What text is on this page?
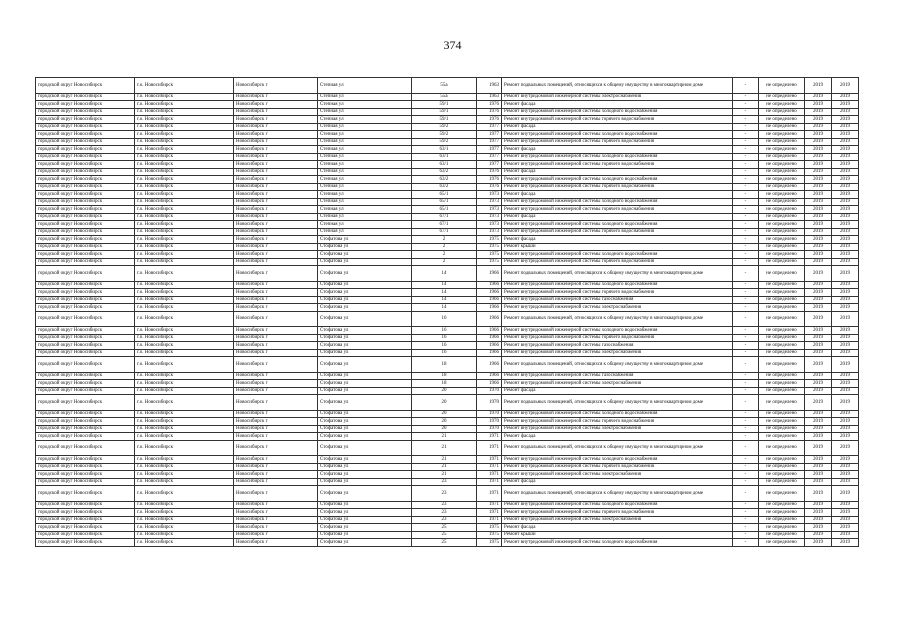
374
городской округ Новосибирск	г.о. Новосибирск	Новосибирск г	Степная ул	55а	1963	Ремонт подвальных помещений, относящихся к общему имуществу в многоквартирном доме	-	не определено	2019	2019
городской округ Новосибирск	г.о. Новосибирск	Новосибирск г	Степная ул	55а	1963	Ремонт внутридомовой инженерной системы электроснабжения	-	не определено	2019	2019
городской округ Новосибирск	г.о. Новосибирск	Новосибирск г	Степная ул	59/1	1976	Ремонт фасада	-	не определено	2019	2019
городской округ Новосибирск	г.о. Новосибирск	Новосибирск г	Степная ул	59/1	1976	Ремонт внутридомовой инженерной системы холодного водоснабжения	-	не определено	2019	2019
городской округ Новосибирск	г.о. Новосибирск	Новосибирск г	Степная ул	59/1	1976	Ремонт внутридомовой инженерной системы горячего водоснабжения	-	не определено	2019	2019
городской округ Новосибирск	г.о. Новосибирск	Новосибирск г	Степная ул	59/2	1977	Ремонт фасада	-	не определено	2019	2019
городской округ Новосибирск	г.о. Новосибирск	Новосибирск г	Степная ул	59/2	1977	Ремонт внутридомовой инженерной системы холодного водоснабжения	-	не определено	2019	2019
городской округ Новосибирск	г.о. Новосибирск	Новосибирск г	Степная ул	59/2	1977	Ремонт внутридомовой инженерной системы горячего водоснабжения	-	не определено	2019	2019
городской округ Новосибирск	г.о. Новосибирск	Новосибирск г	Степная ул	63/1	1977	Ремонт фасада	-	не определено	2019	2019
городской округ Новосибирск	г.о. Новосибирск	Новосибирск г	Степная ул	63/1	1977	Ремонт внутридомовой инженерной системы холодного водоснабжения	-	не определено	2019	2019
городской округ Новосибирск	г.о. Новосибирск	Новосибирск г	Степная ул	63/1	1977	Ремонт внутридомовой инженерной системы горячего водоснабжения	-	не определено	2019	2019
городской округ Новосибирск	г.о. Новосибирск	Новосибирск г	Степная ул	63/2	1976	Ремонт фасада	-	не определено	2019	2019
городской округ Новосибирск	г.о. Новосибирск	Новосибирск г	Степная ул	63/2	1976	Ремонт внутридомовой инженерной системы холодного водоснабжения	-	не определено	2019	2019
городской округ Новосибирск	г.о. Новосибирск	Новосибирск г	Степная ул	63/2	1976	Ремонт внутридомовой инженерной системы горячего водоснабжения	-	не определено	2019	2019
городской округ Новосибирск	г.о. Новосибирск	Новосибирск г	Степная ул	65/1	1973	Ремонт фасада	-	не определено	2019	2019
городской округ Новосибирск	г.о. Новосибирск	Новосибирск г	Степная ул	65/1	1973	Ремонт внутридомовой инженерной системы холодного водоснабжения	-	не определено	2019	2019
городской округ Новосибирск	г.о. Новосибирск	Новосибирск г	Степная ул	65/1	1973	Ремонт внутридомовой инженерной системы горячего водоснабжения	-	не определено	2019	2019
городской округ Новосибирск	г.о. Новосибирск	Новосибирск г	Степная ул	67/1	1973	Ремонт фасада	-	не определено	2019	2019
городской округ Новосибирск	г.о. Новосибирск	Новосибирск г	Степная ул	67/1	1973	Ремонт внутридомовой инженерной системы холодного водоснабжения	-	не определено	2019	2019
городской округ Новосибирск	г.о. Новосибирск	Новосибирск г	Степная ул	67/1	1973	Ремонт внутридомовой инженерной системы горячего водоснабжения	-	не определено	2019	2019
городской округ Новосибирск	г.о. Новосибирск	Новосибирск г	Стофатова ул	2	1975	Ремонт фасада	-	не определено	2019	2019
городской округ Новосибирск	г.о. Новосибирск	Новосибирск г	Стофатова ул	2	1975	Ремонт крыши	-	не определено	2019	2019
городской округ Новосибирск	г.о. Новосибирск	Новосибирск г	Стофатова ул	2	1975	Ремонт внутридомовой инженерной системы холодного водоснабжения	-	не определено	2019	2019
городской округ Новосибирск	г.о. Новосибирск	Новосибирск г	Стофатова ул	2	1975	Ремонт внутридомовой инженерной системы горячего водоснабжения	-	не определено	2019	2019
городской округ Новосибирск	г.о. Новосибирск	Новосибирск г	Стофатова ул	14	1966	Ремонт подвальных помещений, относящихся к общему имуществу в многоквартирном доме	-	не определено	2019	2019
городской округ Новосибирск	г.о. Новосибирск	Новосибирск г	Стофатова ул	14	1966	Ремонт внутридомовой инженерной системы холодного водоснабжения	-	не определено	2019	2019
городской округ Новосибирск	г.о. Новосибирск	Новосибирск г	Стофатова ул	14	1966	Ремонт внутридомовой инженерной системы горячего водоснабжения	-	не определено	2019	2019
городской округ Новосибирск	г.о. Новосибирск	Новосибирск г	Стофатова ул	14	1966	Ремонт внутридомовой инженерной системы газоснабжения	-	не определено	2019	2019
городской округ Новосибирск	г.о. Новосибирск	Новосибирск г	Стофатова ул	14	1966	Ремонт внутридомовой инженерной системы электроснабжения	-	не определено	2019	2019
городской округ Новосибирск	г.о. Новосибирск	Новосибирск г	Стофатова ул	16	1966	Ремонт подвальных помещений, относящихся к общему имуществу в многоквартирном доме	-	не определено	2019	2019
городской округ Новосибирск	г.о. Новосибирск	Новосибирск г	Стофатова ул	16	1966	Ремонт внутридомовой инженерной системы холодного водоснабжения	-	не определено	2019	2019
городской округ Новосибирск	г.о. Новосибирск	Новосибирск г	Стофатова ул	16	1966	Ремонт внутридомовой инженерной системы горячего водоснабжения	-	не определено	2019	2019
городской округ Новосибирск	г.о. Новосибирск	Новосибирск г	Стофатова ул	16	1966	Ремонт внутридомовой инженерной системы газоснабжения	-	не определено	2019	2019
городской округ Новосибирск	г.о. Новосибирск	Новосибирск г	Стофатова ул	16	1966	Ремонт внутридомовой инженерной системы электроснабжения	-	не определено	2019	2019
городской округ Новосибирск	г.о. Новосибирск	Новосибирск г	Стофатова ул	18	1966	Ремонт подвальных помещений, относящихся к общему имуществу в многоквартирном доме	-	не определено	2019	2019
городской округ Новосибирск	г.о. Новосибирск	Новосибирск г	Стофатова ул	18	1966	Ремонт внутридомовой инженерной системы газоснабжения	-	не определено	2019	2019
городской округ Новосибирск	г.о. Новосибирск	Новосибирск г	Стофатова ул	18	1966	Ремонт внутридомовой инженерной системы электроснабжения	-	не определено	2019	2019
городской округ Новосибирск	г.о. Новосибирск	Новосибирск г	Стофатова ул	20	1970	Ремонт фасада	-	не определено	2019	2019
городской округ Новосибирск	г.о. Новосибирск	Новосибирск г	Стофатова ул	20	1970	Ремонт подвальных помещений, относящихся к общему имуществу в многоквартирном доме	-	не определено	2019	2019
городской округ Новосибирск	г.о. Новосибирск	Новосибирск г	Стофатова ул	20	1970	Ремонт внутридомовой инженерной системы холодного водоснабжения	-	не определено	2019	2019
городской округ Новосибирск	г.о. Новосибирск	Новосибирск г	Стофатова ул	20	1970	Ремонт внутридомовой инженерной системы горячего водоснабжения	-	не определено	2019	2019
городской округ Новосибирск	г.о. Новосибирск	Новосибирск г	Стофатова ул	20	1970	Ремонт внутридомовой инженерной системы электроснабжения	-	не определено	2019	2019
городской округ Новосибирск	г.о. Новосибирск	Новосибирск г	Стофатова ул	21	1971	Ремонт фасада	-	не определено	2019	2019
городской округ Новосибирск	г.о. Новосибирск	Новосибирск г	Стофатова ул	21	1971	Ремонт подвальных помещений, относящихся к общему имуществу в многоквартирном доме	-	не определено	2019	2019
городской округ Новосибирск	г.о. Новосибирск	Новосибирск г	Стофатова ул	21	1971	Ремонт внутридомовой инженерной системы холодного водоснабжения	-	не определено	2019	2019
городской округ Новосибирск	г.о. Новосибирск	Новосибирск г	Стофатова ул	21	1971	Ремонт внутридомовой инженерной системы горячего водоснабжения	-	не определено	2019	2019
городской округ Новосибирск	г.о. Новосибирск	Новосибирск г	Стофатова ул	21	1971	Ремонт внутридомовой инженерной системы электроснабжения	-	не определено	2019	2019
городской округ Новосибирск	г.о. Новосибирск	Новосибирск г	Стофатова ул	23	1971	Ремонт фасада	-	не определено	2019	2019
городской округ Новосибирск	г.о. Новосибирск	Новосибирск г	Стофатова ул	23	1971	Ремонт подвальных помещений, относящихся к общему имуществу в многоквартирном доме	-	не определено	2019	2019
городской округ Новосибирск	г.о. Новосибирск	Новосибирск г	Стофатова ул	23	1971	Ремонт внутридомовой инженерной системы холодного водоснабжения	-	не определено	2019	2019
городской округ Новосибирск	г.о. Новосибирск	Новосибирск г	Стофатова ул	23	1971	Ремонт внутридомовой инженерной системы горячего водоснабжения	-	не определено	2019	2019
городской округ Новосибирск	г.о. Новосибирск	Новосибирск г	Стофатова ул	23	1971	Ремонт внутридомовой инженерной системы электроснабжения	-	не определено	2019	2019
городской округ Новосибирск	г.о. Новосибирск	Новосибирск г	Стофатова ул	25	1975	Ремонт фасада	-	не определено	2019	2019
городской округ Новосибирск	г.о. Новосибирск	Новосибирск г	Стофатова ул	25	1975	Ремонт крыши	-	не определено	2019	2019
городской округ Новосибирск	г.о. Новосибирск	Новосибирск г	Стофатова ул	25	1975	Ремонт внутридомовой инженерной системы холодного водоснабжения	-	не определено	2019	2019
